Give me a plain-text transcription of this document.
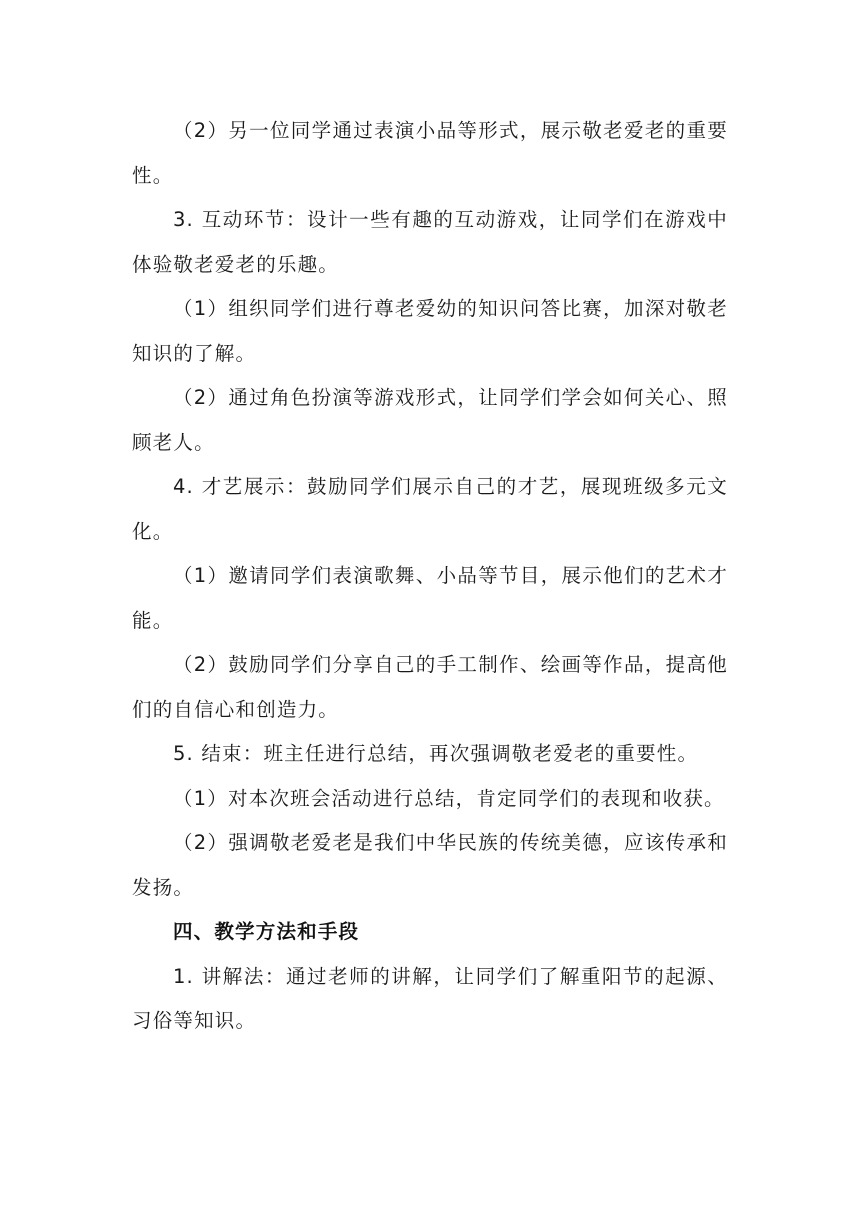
（2）另一位同学通过表演小品等形式，展示敬老爱老的重要性。

3. 互动环节：设计一些有趣的互动游戏，让同学们在游戏中体验敬老爱老的乐趣。

（1）组织同学们进行尊老爱幼的知识问答比赛，加深对敬老知识的了解。

（2）通过角色扮演等游戏形式，让同学们学会如何关心、照顾老人。

4. 才艺展示：鼓励同学们展示自己的才艺，展现班级多元文化。

（1）邀请同学们表演歌舞、小品等节目，展示他们的艺术才能。

（2）鼓励同学们分享自己的手工制作、绘画等作品，提高他们的自信心和创造力。

5. 结束：班主任进行总结，再次强调敬老爱老的重要性。

（1）对本次班会活动进行总结，肯定同学们的表现和收获。

（2）强调敬老爱老是我们中华民族的传统美德，应该传承和发扬。

四、教学方法和手段

1. 讲解法：通过老师的讲解，让同学们了解重阳节的起源、习俗等知识。
